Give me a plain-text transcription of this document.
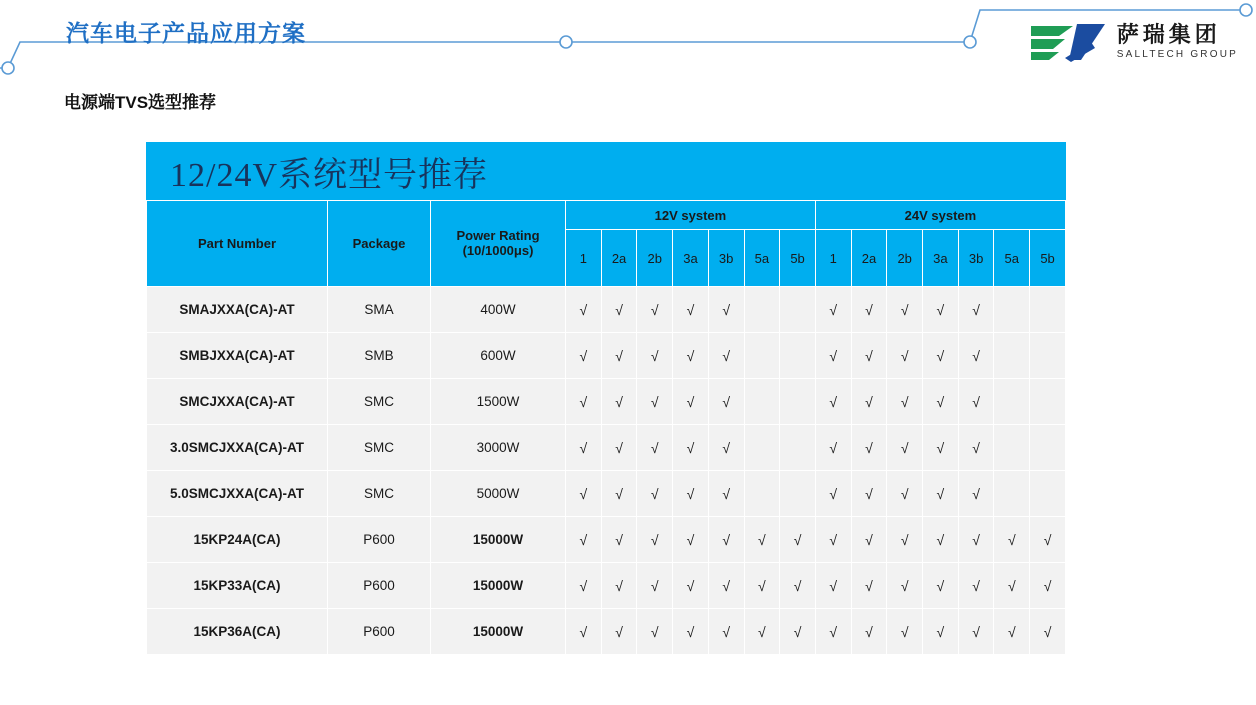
汽车电子产品应用方案	萨瑞集团
SALLTECH GROUP
电源端TVS选型推荐
12/24V系统型号推荐
Part Number	Package	Power Rating
(10/1000μs)	12V system							24V system						
			1	2a	2b	3a	3b	5a	5b	1	2a	2b	3a	3b	5a	5b
SMAJXXA(CA)-AT	SMA	400W	√	√	√	√	√			√	√	√	√	√		
SMBJXXA(CA)-AT	SMB	600W	√	√	√	√	√			√	√	√	√	√		
SMCJXXA(CA)-AT	SMC	1500W	√	√	√	√	√			√	√	√	√	√		
3.0SMCJXXA(CA)-AT	SMC	3000W	√	√	√	√	√			√	√	√	√	√		
5.0SMCJXXA(CA)-AT	SMC	5000W	√	√	√	√	√			√	√	√	√	√		
15KP24A(CA)	P600	15000W	√	√	√	√	√	√	√	√	√	√	√	√	√	√
15KP33A(CA)	P600	15000W	√	√	√	√	√	√	√	√	√	√	√	√	√	√
15KP36A(CA)	P600	15000W	√	√	√	√	√	√	√	√	√	√	√	√	√	√
